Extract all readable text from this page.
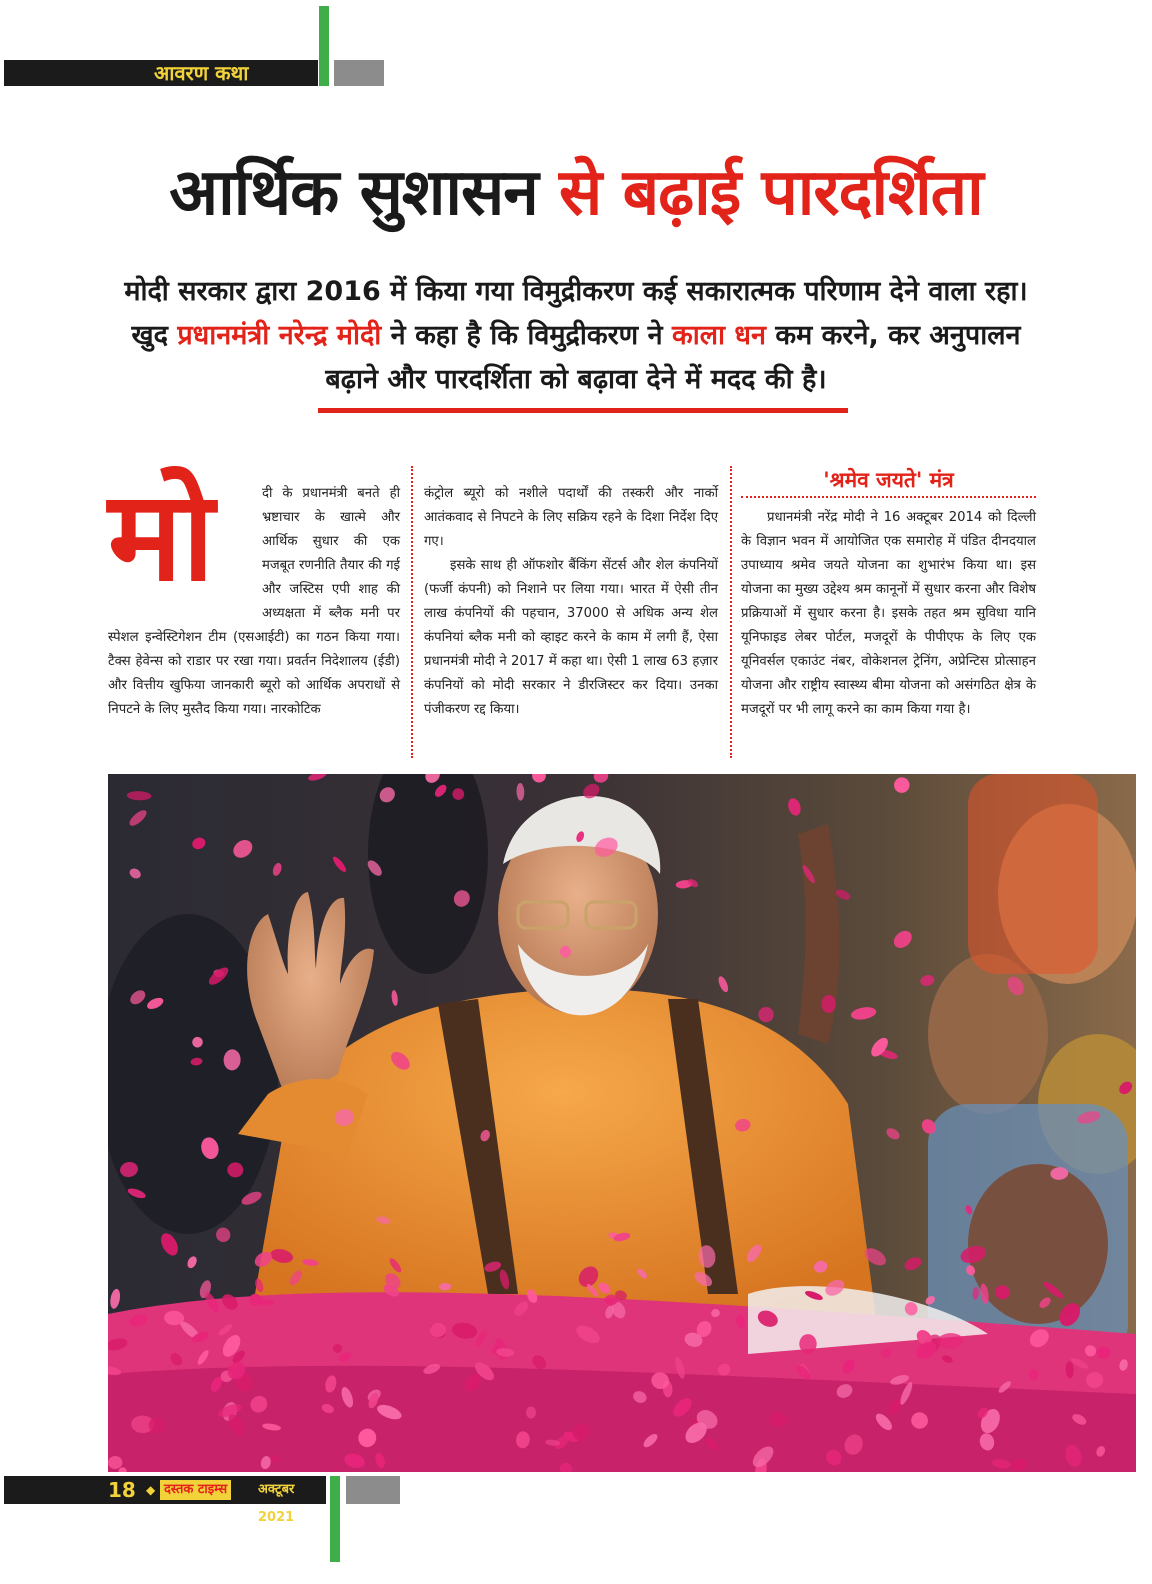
आवरण कथा
आर्थिक सुशासन से बढ़ाई पारदर्शिता

मोदी सरकार द्वारा 2016 में किया गया विमुद्रीकरण कई सकारात्मक परिणाम देने वाला रहा। खुद प्रधानमंत्री नरेन्द्र मोदी ने कहा है कि विमुद्रीकरण ने काला धन कम करने, कर अनुपालन बढ़ाने और पारदर्शिता को बढ़ावा देने में मदद की है।

मो	दी के प्रधानमंत्री बनते ही भ्रष्टाचार के खात्मे और आर्थिक सुधार की एक मजबूत रणनीति तैयार की गई और जस्टिस एपी शाह की अध्यक्षता में ब्लैक मनी पर स्पेशल इन्वेस्टिगेशन टीम (एसआईटी) का गठन किया गया। टैक्स हेवेन्स को राडार पर रखा गया। प्रवर्तन निदेशालय (ईडी) और वित्तीय खुफिया जानकारी ब्यूरो को आर्थिक अपराधों से निपटने के लिए मुस्तैद किया गया। नारकोटिक

कंट्रोल ब्यूरो को नशीले पदार्थों की तस्करी और नार्को आतंकवाद से निपटने के लिए सक्रिय रहने के दिशा निर्देश दिए गए।

इसके साथ ही ऑफशोर बैंकिंग सेंटर्स और शेल कंपनियों (फर्जी कंपनी) को निशाने पर लिया गया। भारत में ऐसी तीन लाख कंपनियों की पहचान, 37000 से अधिक अन्य शेल कंपनियां ब्लैक मनी को व्हाइट करने के काम में लगी हैं, ऐसा प्रधानमंत्री मोदी ने 2017 में कहा था। ऐसी 1 लाख 63 हज़ार कंपनियों को मोदी सरकार ने डीरजिस्टर कर दिया। उनका पंजीकरण रद्द किया।

'श्रमेव जयते' मंत्र

प्रधानमंत्री नरेंद्र मोदी ने 16 अक्टूबर 2014 को दिल्ली के विज्ञान भवन में आयोजित एक समारोह में पंडित दीनदयाल उपाध्याय श्रमेव जयते योजना का शुभारंभ किया था। इस योजना का मुख्य उद्देश्य श्रम कानूनों में सुधार करना और विशेष प्रक्रियाओं में सुधार करना है। इसके तहत श्रम सुविधा यानि यूनिफाइड लेबर पोर्टल, मजदूरों के पीपीएफ के लिए एक यूनिवर्सल एकाउंट नंबर, वोकेशनल ट्रेनिंग, अप्रेन्टिस प्रोत्साहन योजना और राष्ट्रीय स्वास्थ्य बीमा योजना को असंगठित क्षेत्र के मजदूरों पर भी लागू करने का काम किया गया है।

18 ◆ दस्तक टाइम्स	अक्टूबर 2021
